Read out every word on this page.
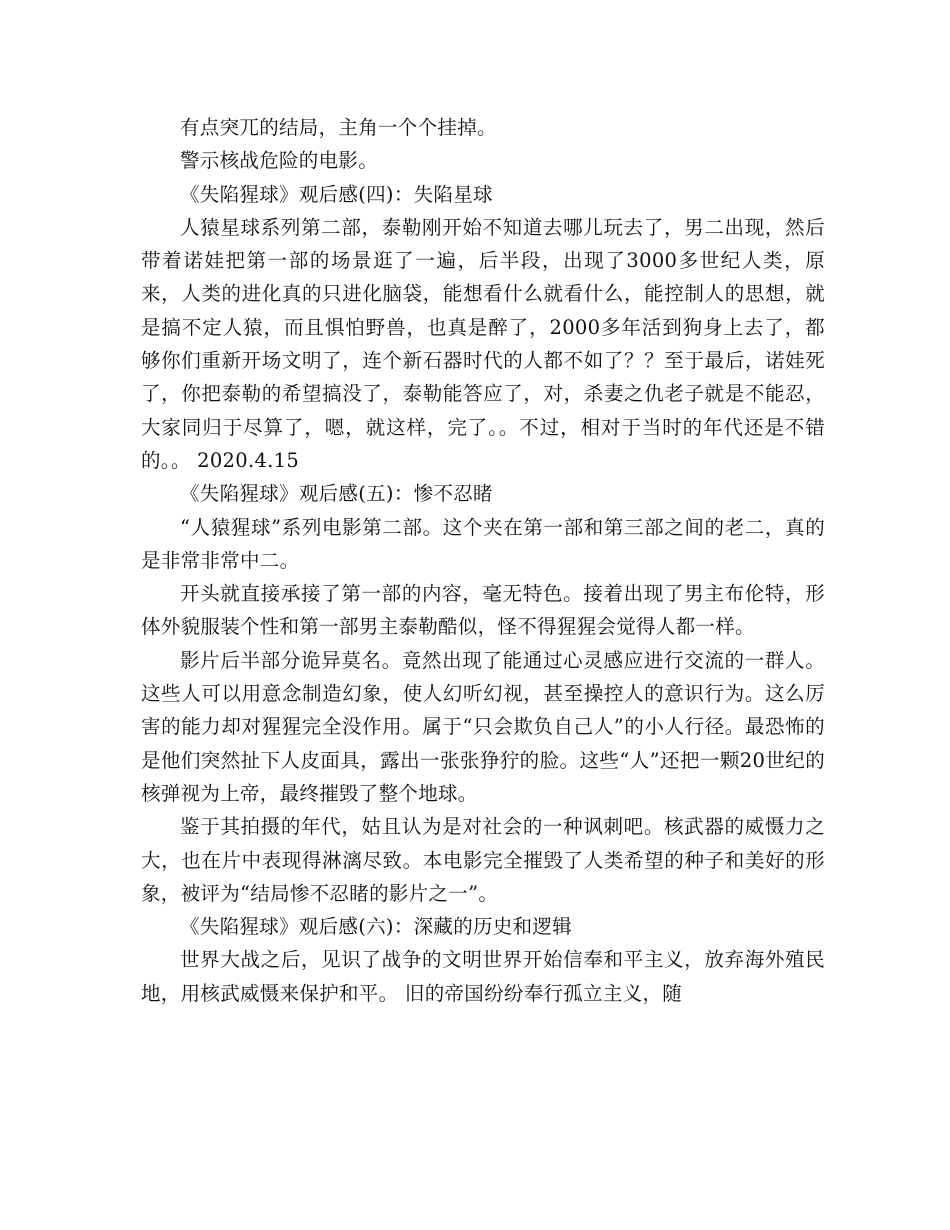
有点突兀的结局，主角一个个挂掉。

警示核战危险的电影。

《失陷猩球》观后感(四)：失陷星球

人猿星球系列第二部，泰勒刚开始不知道去哪儿玩去了，男二出现，然后带着诺娃把第一部的场景逛了一遍，后半段，出现了3000多世纪人类，原来，人类的进化真的只进化脑袋，能想看什么就看什么，能控制人的思想，就是搞不定人猿，而且惧怕野兽，也真是醉了，2000多年活到狗身上去了，都够你们重新开场文明了，连个新石器时代的人都不如了？？至于最后，诺娃死了，你把泰勒的希望搞没了，泰勒能答应了，对，杀妻之仇老子就是不能忍，大家同归于尽算了，嗯，就这样，完了。。不过，相对于当时的年代还是不错的。。 2020.4.15

《失陷猩球》观后感(五)：惨不忍睹

“人猿猩球”系列电影第二部。这个夹在第一部和第三部之间的老二，真的是非常非常中二。

开头就直接承接了第一部的内容，毫无特色。接着出现了男主布伦特，形体外貌服装个性和第一部男主泰勒酷似，怪不得猩猩会觉得人都一样。

影片后半部分诡异莫名。竟然出现了能通过心灵感应进行交流的一群人。这些人可以用意念制造幻象，使人幻听幻视，甚至操控人的意识行为。这么厉害的能力却对猩猩完全没作用。属于“只会欺负自己人”的小人行径。最恐怖的是他们突然扯下人皮面具，露出一张张狰狞的脸。这些“人”还把一颗20世纪的核弹视为上帝，最终摧毁了整个地球。

鉴于其拍摄的年代，姑且认为是对社会的一种讽刺吧。核武器的威慑力之大，也在片中表现得淋漓尽致。本电影完全摧毁了人类希望的种子和美好的形象，被评为“结局惨不忍睹的影片之一”。

《失陷猩球》观后感(六)：深藏的历史和逻辑

世界大战之后，见识了战争的文明世界开始信奉和平主义，放弃海外殖民地，用核武威慑来保护和平。 旧的帝国纷纷奉行孤立主义，随
